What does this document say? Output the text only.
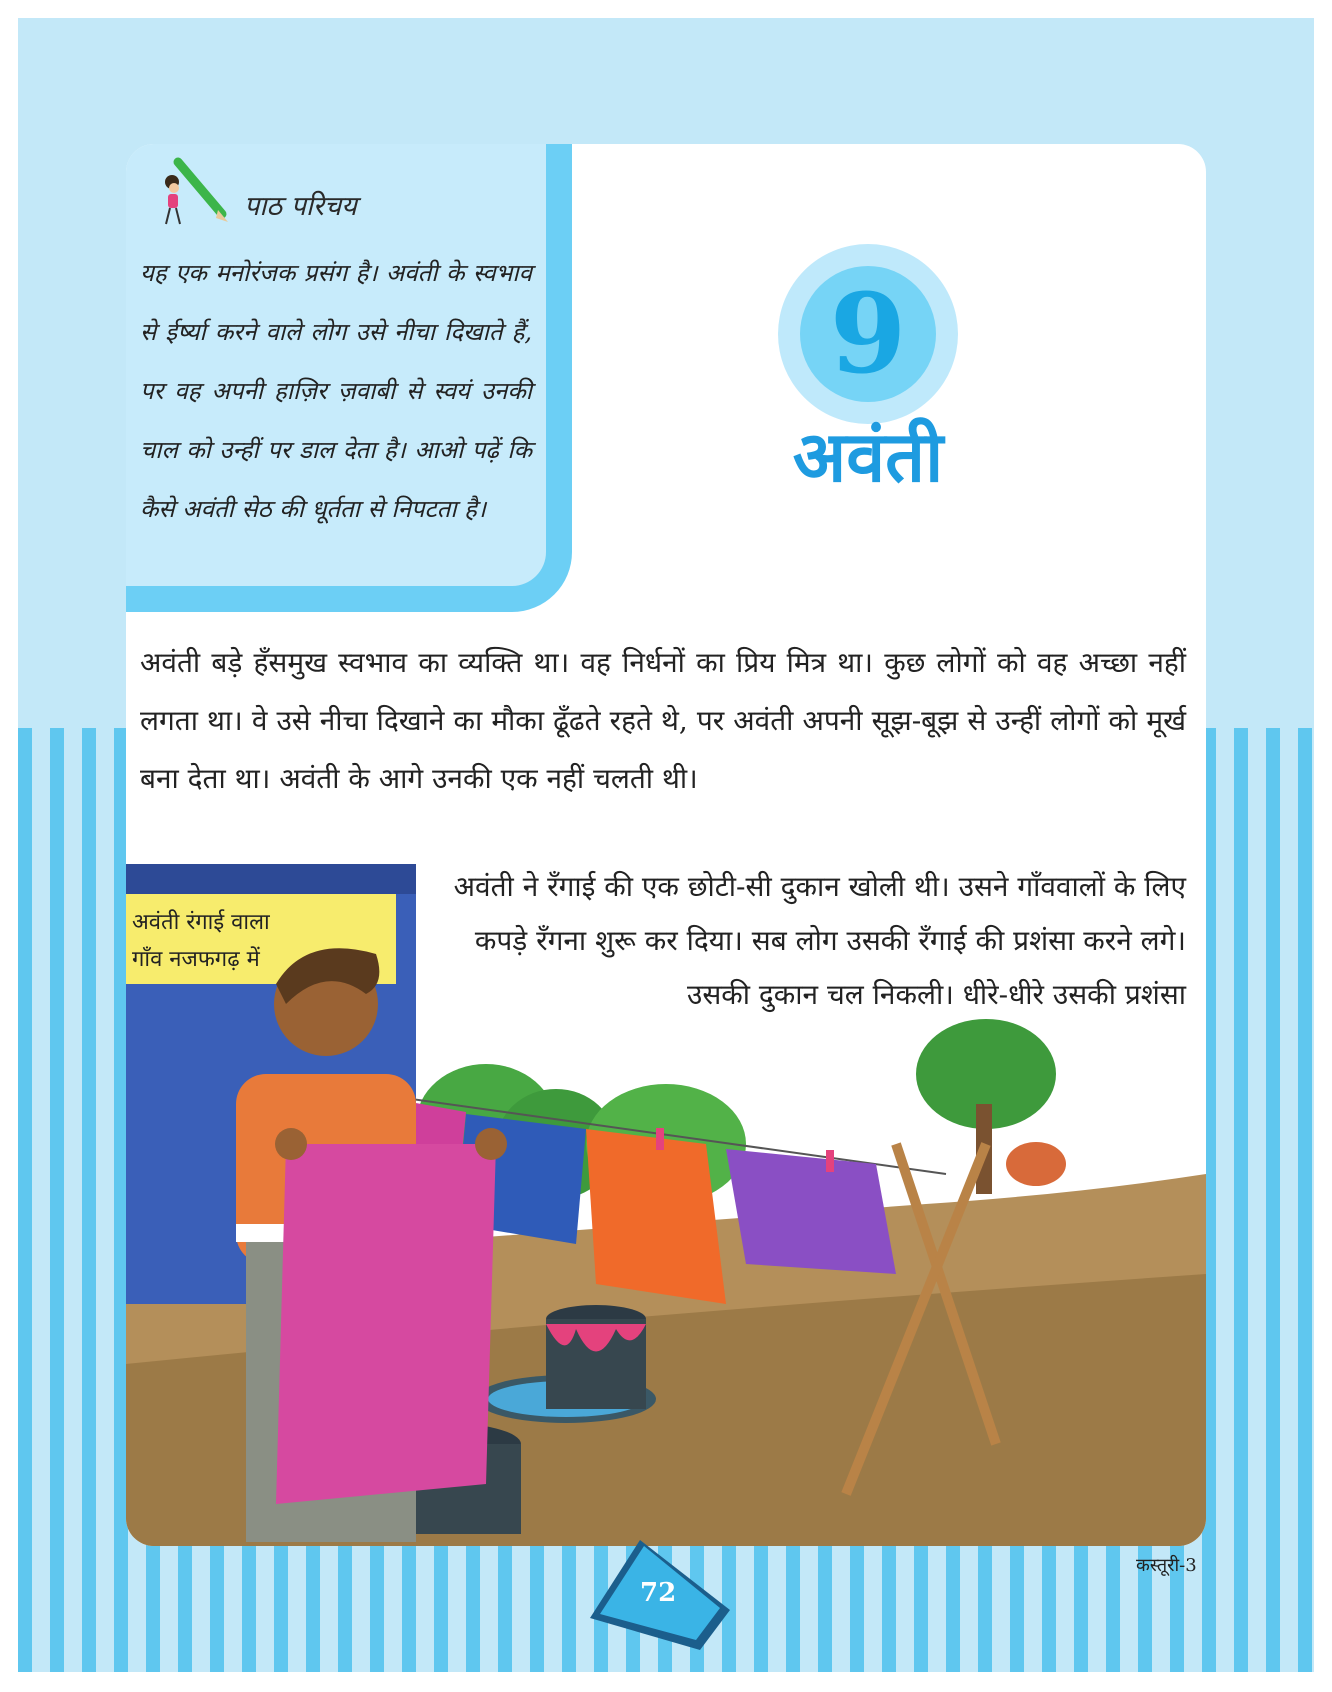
पाठ परिचय
यह एक मनोरंजक प्रसंग है। अवंती के स्वभाव से ईर्ष्या करने वाले लोग उसे नीचा दिखाते हैं, पर वह अपनी हाज़िर ज़वाबी से स्वयं उनकी चाल को उन्हीं पर डाल देता है। आओ पढ़ें कि कैसे अवंती सेठ की धूर्तता से निपटता है।
9
अवंती
अवंती बड़े हँसमुख स्वभाव का व्यक्ति था। वह निर्धनों का प्रिय मित्र था। कुछ लोगों को वह अच्छा नहीं लगता था। वे उसे नीचा दिखाने का मौका ढूँढते रहते थे, पर अवंती अपनी सूझ-बूझ से उन्हीं लोगों को मूर्ख बना देता था। अवंती के आगे उनकी एक नहीं चलती थी।
अवंती रंगाई वाला
गाँव नजफगढ़ में
अवंती ने रँगाई की एक छोटी-सी दुकान खोली थी। उसने गाँववालों के लिए कपड़े रँगना शुरू कर दिया। सब लोग उसकी रँगाई की प्रशंसा करने लगे। उसकी दुकान चल निकली। धीरे-धीरे उसकी प्रशंसा
72
कस्तूरी-3
